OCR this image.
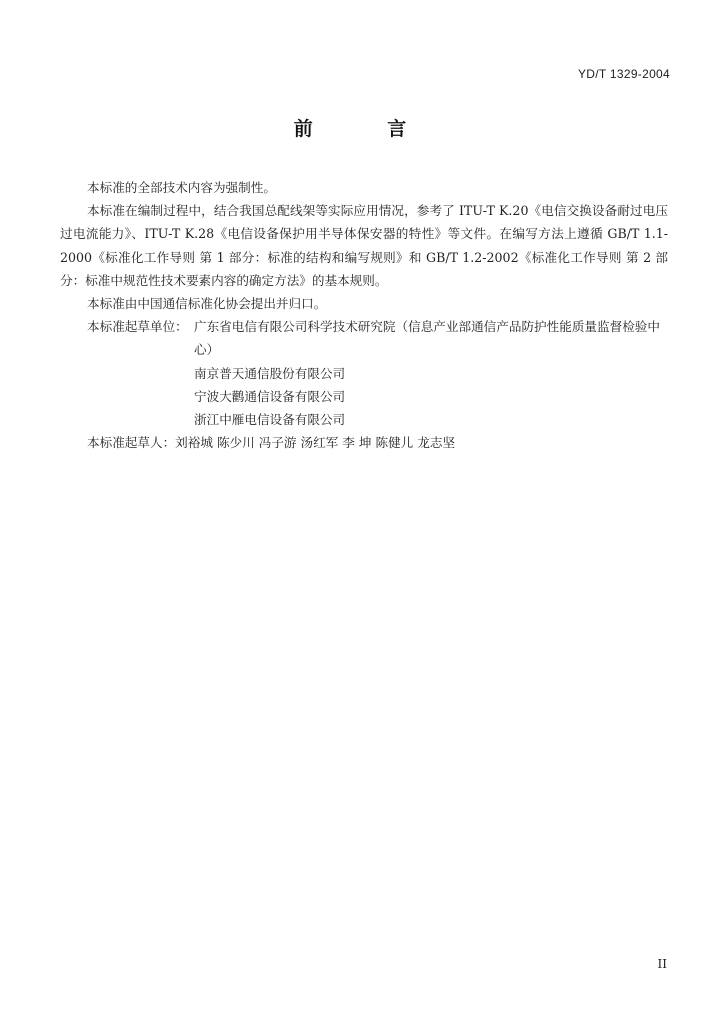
YD/T 1329-2004
前 言

本标准的全部技术内容为强制性。

本标准在编制过程中，结合我国总配线架等实际应用情况，参考了 ITU-T K.20《电信交换设备耐过电压过电流能力》、ITU-T K.28《电信设备保护用半导体保安器的特性》等文件。在编写方法上遵循 GB/T 1.1-2000《标准化工作导则 第 1 部分：标准的结构和编写规则》和 GB/T 1.2-2002《标准化工作导则 第 2 部分：标准中规范性技术要素内容的确定方法》的基本规则。

本标准由中国通信标准化协会提出并归口。

本标准起草单位： 广东省电信有限公司科学技术研究院（信息产业部通信产品防护性能质量监督检验中心）
南京普天通信股份有限公司
宁波大鹳通信设备有限公司
浙江中雁电信设备有限公司

本标准起草人：刘裕城 陈少川 冯子游 汤红军 李 坤 陈健儿 龙志坚

II
